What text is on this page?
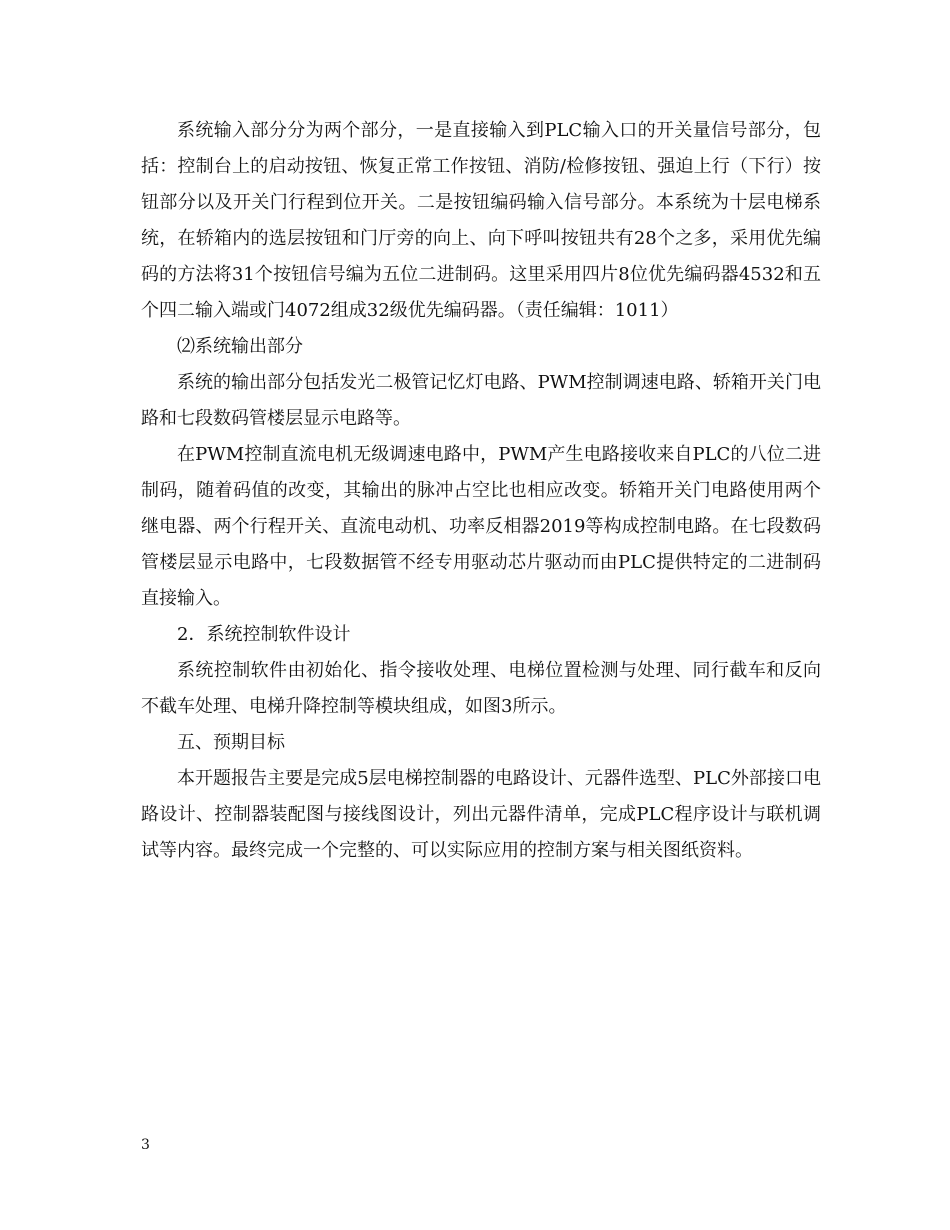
系统输入部分分为两个部分，一是直接输入到PLC输入口的开关量信号部分，包括：控制台上的启动按钮、恢复正常工作按钮、消防/检修按钮、强迫上行（下行）按钮部分以及开关门行程到位开关。二是按钮编码输入信号部分。本系统为十层电梯系统，在轿箱内的选层按钮和门厅旁的向上、向下呼叫按钮共有28个之多，采用优先编码的方法将31个按钮信号编为五位二进制码。这里采用四片8位优先编码器4532和五个四二输入端或门4072组成32级优先编码器。（责任编辑：1011）

⑵系统输出部分

系统的输出部分包括发光二极管记忆灯电路、PWM控制调速电路、轿箱开关门电路和七段数码管楼层显示电路等。

在PWM控制直流电机无级调速电路中，PWM产生电路接收来自PLC的八位二进制码，随着码值的改变，其输出的脉冲占空比也相应改变。轿箱开关门电路使用两个继电器、两个行程开关、直流电动机、功率反相器2019等构成控制电路。在七段数码管楼层显示电路中，七段数据管不经专用驱动芯片驱动而由PLC提供特定的二进制码直接输入。

2．系统控制软件设计

系统控制软件由初始化、指令接收处理、电梯位置检测与处理、同行截车和反向不截车处理、电梯升降控制等模块组成，如图3所示。

五、预期目标

本开题报告主要是完成5层电梯控制器的电路设计、元器件选型、PLC外部接口电路设计、控制器装配图与接线图设计，列出元器件清单，完成PLC程序设计与联机调试等内容。最终完成一个完整的、可以实际应用的控制方案与相关图纸资料。

3
